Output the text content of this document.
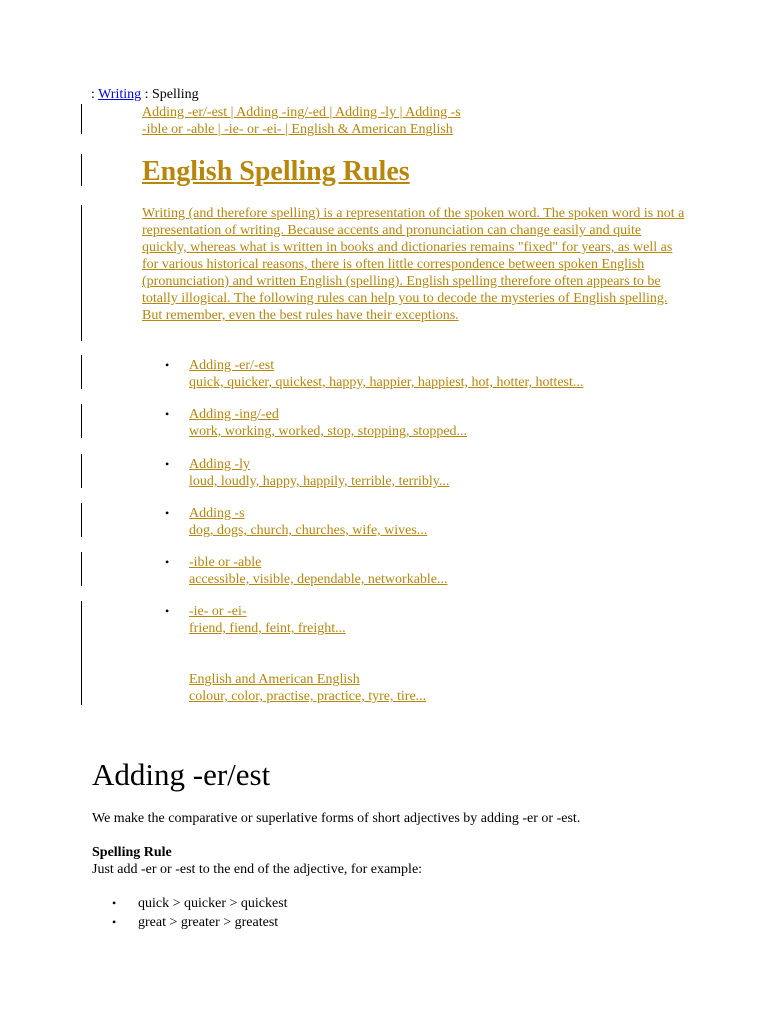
: Writing : Spelling
Adding -er/-est | Adding -ing/-ed | Adding -ly | Adding -s
-ible or -able | -ie- or -ei- | English & American English
English Spelling Rules
Writing (and therefore spelling) is a representation of the spoken word. The spoken word is not a representation of writing. Because accents and pronunciation can change easily and quite quickly, whereas what is written in books and dictionaries remains "fixed" for years, as well as for various historical reasons, there is often little correspondence between spoken English (pronunciation) and written English (spelling). English spelling therefore often appears to be totally illogical. The following rules can help you to decode the mysteries of English spelling. But remember, even the best rules have their exceptions.
• Adding -er/-est
quick, quicker, quickest, happy, happier, happiest, hot, hotter, hottest...
• Adding -ing/-ed
work, working, worked, stop, stopping, stopped...
• Adding -ly
loud, loudly, happy, happily, terrible, terribly...
• Adding -s
dog, dogs, church, churches, wife, wives...
• -ible or -able
accessible, visible, dependable, networkable...
• -ie- or -ei-
friend, fiend, feint, freight...
English and American English
colour, color, practise, practice, tyre, tire...
Adding -er/est
We make the comparative or superlative forms of short adjectives by adding -er or -est.
Spelling Rule
Just add -er or -est to the end of the adjective, for example:
• quick > quicker > quickest
• great > greater > greatest
